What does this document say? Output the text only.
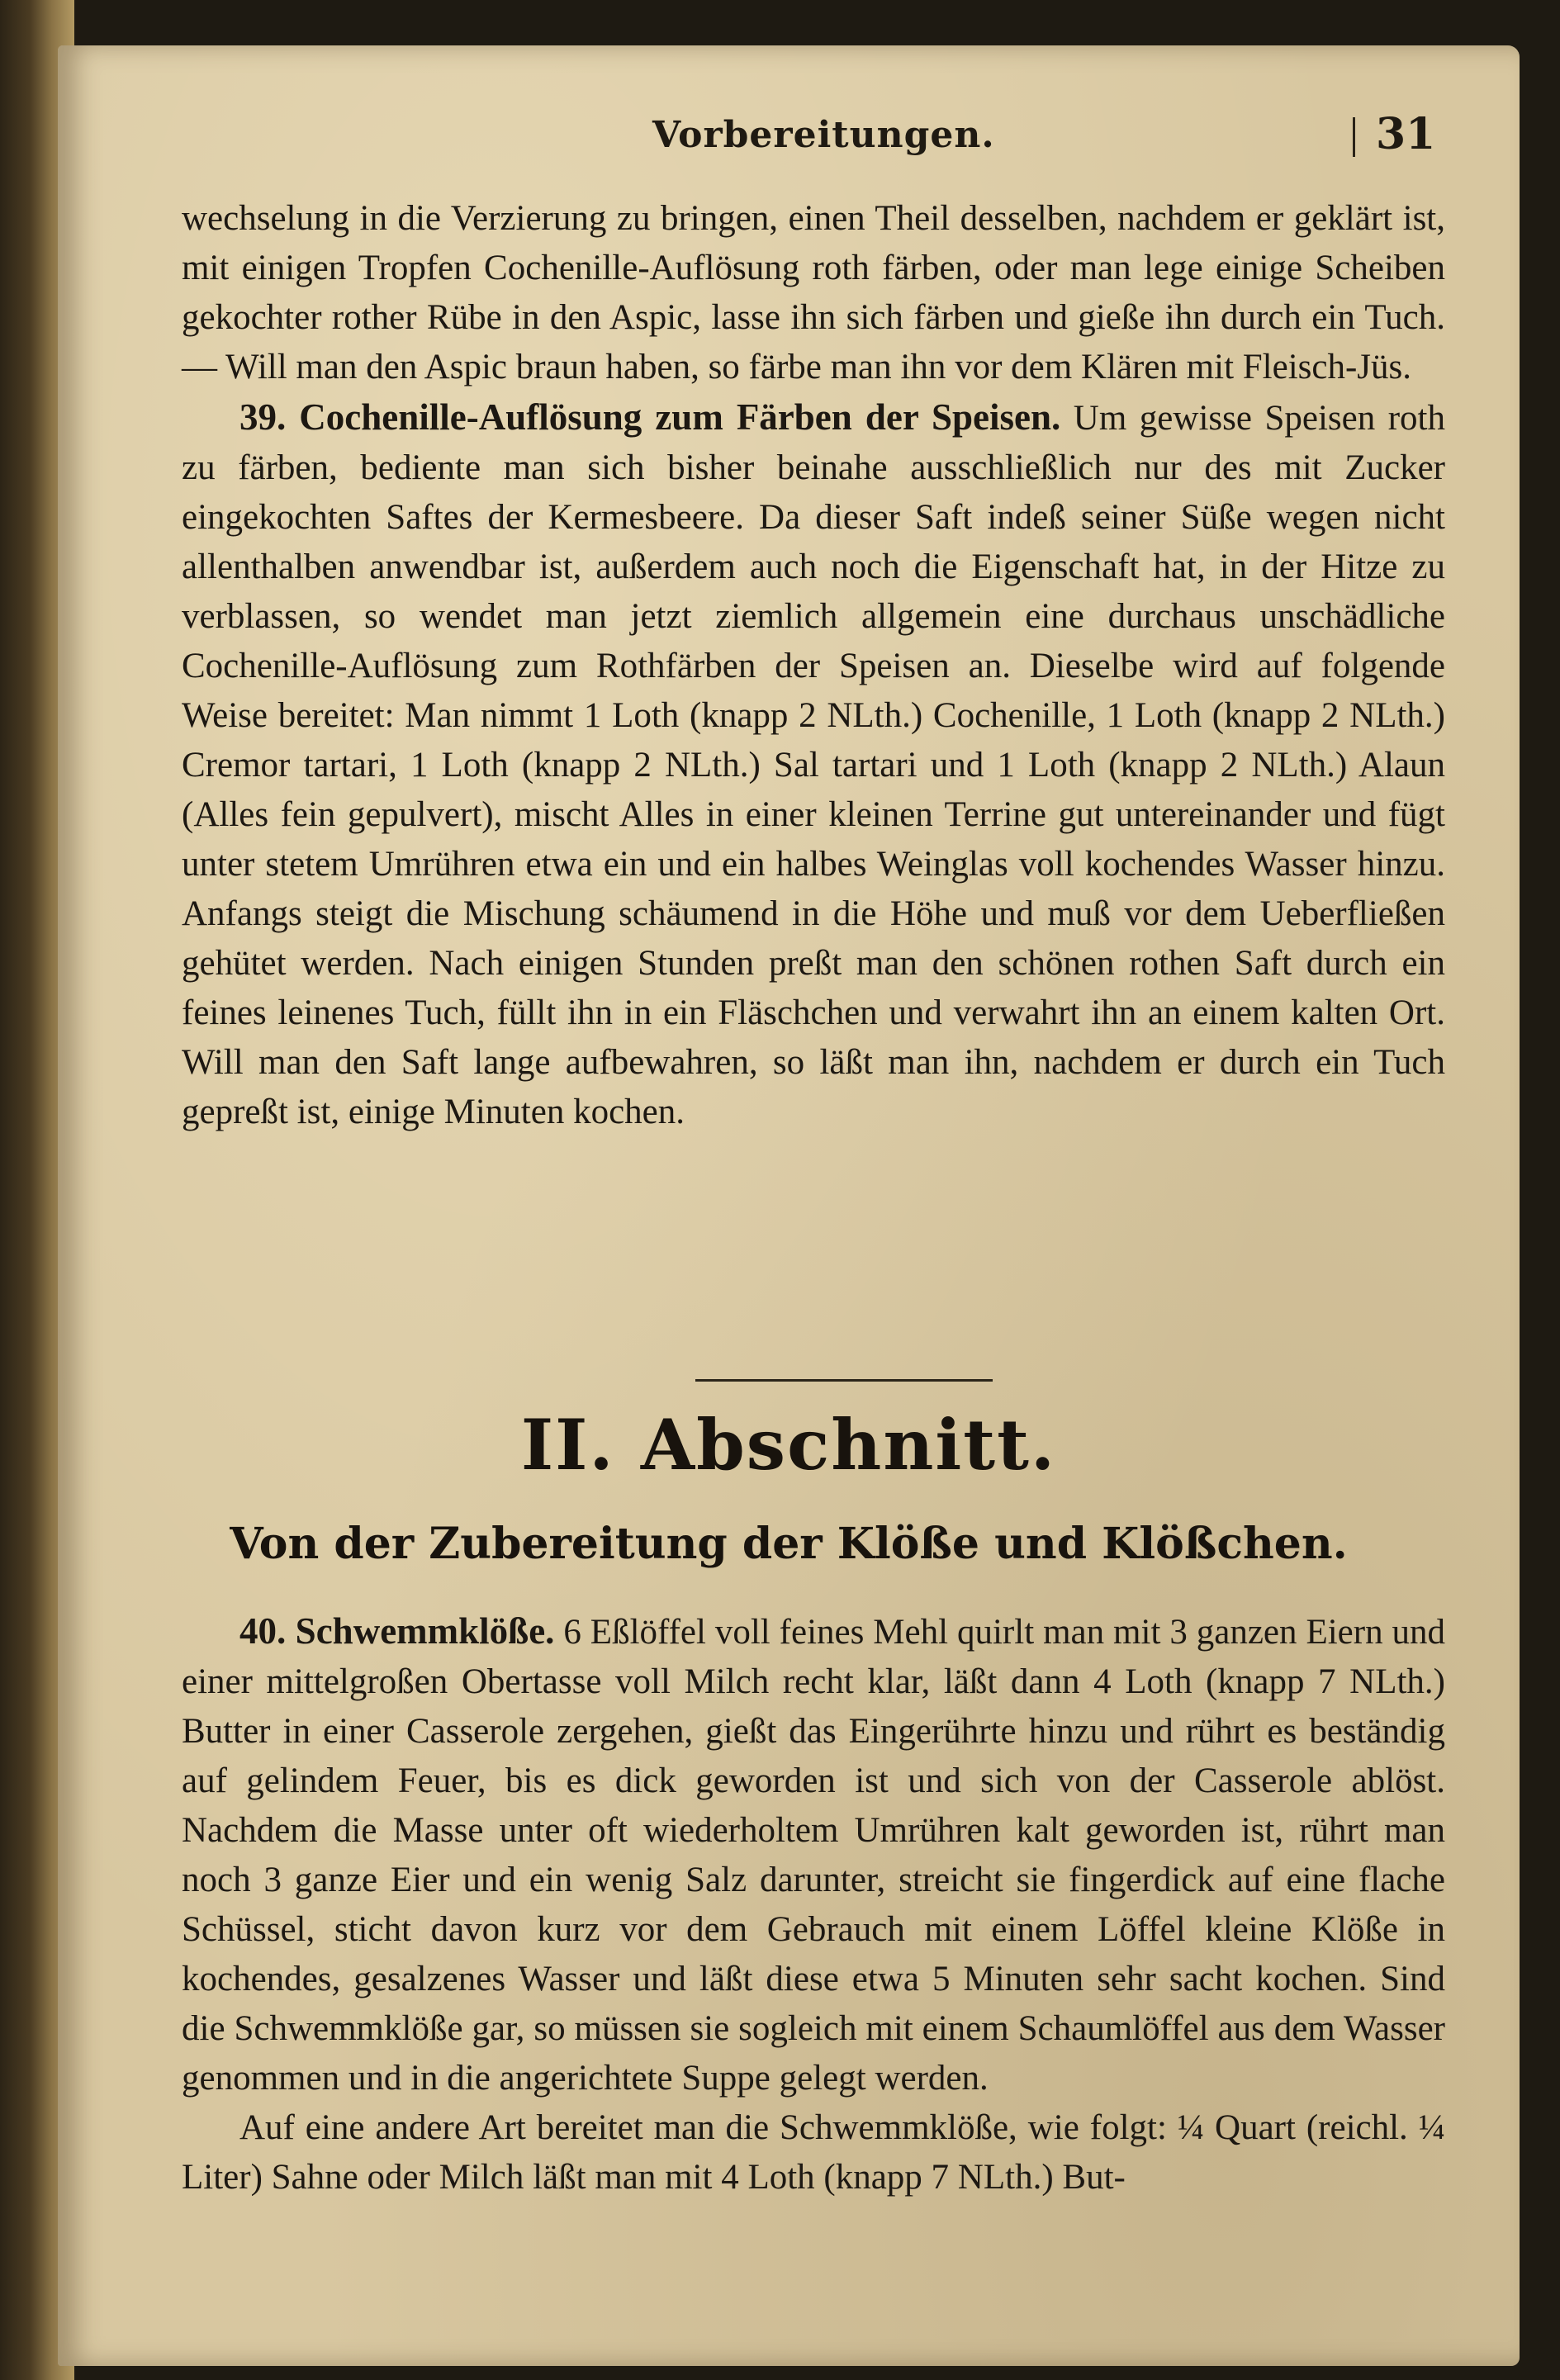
Vorbereitungen.	31

wechselung in die Verzierung zu bringen, einen Theil desselben, nachdem er geklärt ist, mit einigen Tropfen Cochenille-Auflösung roth färben, oder man lege einige Scheiben gekochter rother Rübe in den Aspic, lasse ihn sich färben und gieße ihn durch ein Tuch. — Will man den Aspic braun haben, so färbe man ihn vor dem Klären mit Fleisch-Jüs.

39. Cochenille-Auflösung zum Färben der Speisen. Um gewisse Speisen roth zu färben, bediente man sich bisher beinahe ausschließlich nur des mit Zucker eingekochten Saftes der Kermesbeere. Da dieser Saft indeß seiner Süße wegen nicht allenthalben anwendbar ist, außerdem auch noch die Eigenschaft hat, in der Hitze zu verblassen, so wendet man jetzt ziemlich allgemein eine durchaus unschädliche Cochenille-Auflösung zum Rothfärben der Speisen an. Dieselbe wird auf folgende Weise bereitet: Man nimmt 1 Loth (knapp 2 NLth.) Cochenille, 1 Loth (knapp 2 NLth.) Cremor tartari, 1 Loth (knapp 2 NLth.) Sal tartari und 1 Loth (knapp 2 NLth.) Alaun (Alles fein gepulvert), mischt Alles in einer kleinen Terrine gut untereinander und fügt unter stetem Umrühren etwa ein und ein halbes Weinglas voll kochendes Wasser hinzu. Anfangs steigt die Mischung schäumend in die Höhe und muß vor dem Ueberfließen gehütet werden. Nach einigen Stunden preßt man den schönen rothen Saft durch ein feines leinenes Tuch, füllt ihn in ein Fläschchen und verwahrt ihn an einem kalten Ort. Will man den Saft lange aufbewahren, so läßt man ihn, nachdem er durch ein Tuch gepreßt ist, einige Minuten kochen.

II. Abschnitt.
Von der Zubereitung der Klöße und Klößchen.

40. Schwemmklöße. 6 Eßlöffel voll feines Mehl quirlt man mit 3 ganzen Eiern und einer mittelgroßen Obertasse voll Milch recht klar, läßt dann 4 Loth (knapp 7 NLth.) Butter in einer Casserole zergehen, gießt das Eingerührte hinzu und rührt es beständig auf gelindem Feuer, bis es dick geworden ist und sich von der Casserole ablöst. Nachdem die Masse unter oft wiederholtem Umrühren kalt geworden ist, rührt man noch 3 ganze Eier und ein wenig Salz darunter, streicht sie fingerdick auf eine flache Schüssel, sticht davon kurz vor dem Gebrauch mit einem Löffel kleine Klöße in kochendes, gesalzenes Wasser und läßt diese etwa 5 Minuten sehr sacht kochen. Sind die Schwemmklöße gar, so müssen sie sogleich mit einem Schaumlöffel aus dem Wasser genommen und in die angerichtete Suppe gelegt werden.

Auf eine andere Art bereitet man die Schwemmklöße, wie folgt: ¼ Quart (reichl. ¼ Liter) Sahne oder Milch läßt man mit 4 Loth (knapp 7 NLth.) But-
